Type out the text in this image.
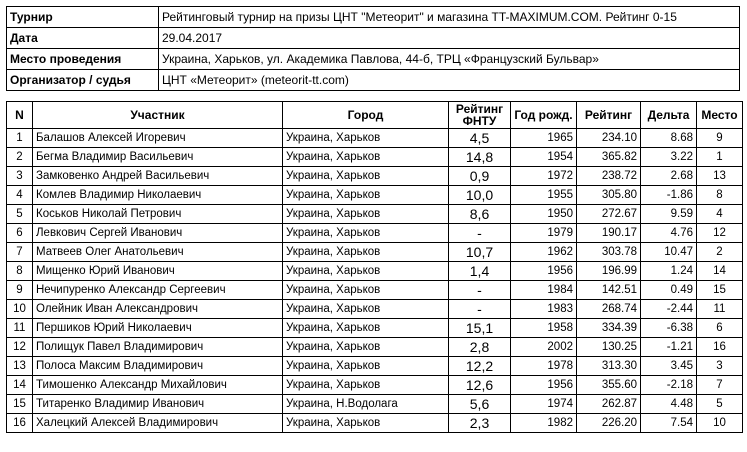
Турнир	Рейтинговый турнир на призы ЦНТ "Метеорит" и магазина TT-MAXIMUM.COM. Рейтинг 0-15
Дата	29.04.2017
Место проведения	Украина, Харьков, ул. Академика Павлова, 44-б, ТРЦ «Французский Бульвар»
Организатор / судья	ЦНТ «Метеорит» (meteorit-tt.com)
N	Участник	Город	Рейтинг ФНТУ	Год рожд.	Рейтинг	Дельта	Место
1	Балашов Алексей Игоревич	Украина, Харьков	4,5	1965	234.10	8.68	9
2	Бегма Владимир Васильевич	Украина, Харьков	14,8	1954	365.82	3.22	1
3	Замковенко Андрей Васильевич	Украина, Харьков	0,9	1972	238.72	2.68	13
4	Комлев Владимир Николаевич	Украина, Харьков	10,0	1955	305.80	-1.86	8
5	Коськов Николай Петрович	Украина, Харьков	8,6	1950	272.67	9.59	4
6	Левкович Сергей Иванович	Украина, Харьков	-	1979	190.17	4.76	12
7	Матвеев Олег Анатольевич	Украина, Харьков	10,7	1962	303.78	10.47	2
8	Мищенко Юрий Иванович	Украина, Харьков	1,4	1956	196.99	1.24	14
9	Нечипуренко Александр Сергеевич	Украина, Харьков	-	1984	142.51	0.49	15
10	Олейник Иван Александрович	Украина, Харьков	-	1983	268.74	-2.44	11
11	Першиков Юрий Николаевич	Украина, Харьков	15,1	1958	334.39	-6.38	6
12	Полищук Павел Владимирович	Украина, Харьков	2,8	2002	130.25	-1.21	16
13	Полоса Максим Владимирович	Украина, Харьков	12,2	1978	313.30	3.45	3
14	Тимошенко Александр Михайлович	Украина, Харьков	12,6	1956	355.60	-2.18	7
15	Титаренко Владимир Иванович	Украина, Н.Водолага	5,6	1974	262.87	4.48	5
16	Халецкий Алексей Владимирович	Украина, Харьков	2,3	1982	226.20	7.54	10
